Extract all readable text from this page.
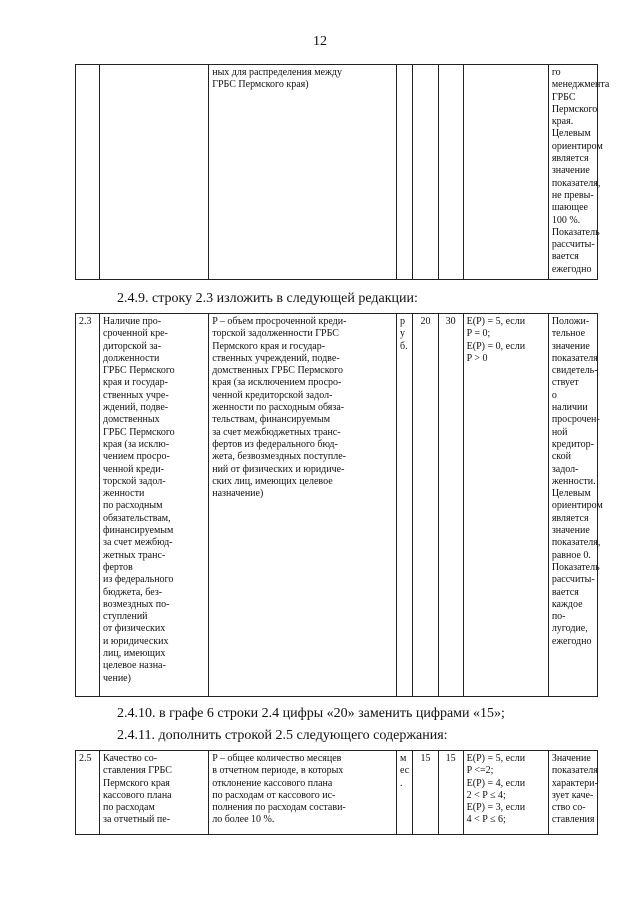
12
		ных для распределения между
ГРБС Пермского края)					го
менеджмента ГРБС
Пермского
края.
Целевым
ориентиром
является
значение
показателя,
не превы-
шающее
100 %.
Показатель
рассчиты-
вается
ежегодно
2.4.9. строку 2.3 изложить в следующей редакции:
2.3	Наличие про-
сроченной кре-
диторской за-
долженности
ГРБС Пермского
края и государ-
ственных учре-
ждений, подве-
домственных
ГРБС Пермского
края (за исклю-
чением просро-
ченной креди-
торской задол-
женности
по расходным
обязательствам,
финансируемым
за счет межбюд-
жетных транс-
фертов
из федерального
бюджета, без-
возмездных по-
ступлений
от физических
и юридических
лиц, имеющих
целевое назна-
чение)	P – объем просроченной креди-
торской задолженности ГРБС
Пермского края и государ-
ственных учреждений, подве-
домственных ГРБС Пермского
края (за исключением просро-
ченной кредиторской задол-
женности по расходным обяза-
тельствам, финансируемым
за счет межбюджетных транс-
фертов из федерального бюд-
жета, безвозмездных поступле-
ний от физических и юридиче-
ских лиц, имеющих целевое
назначение)	р
у
б.	20	30	E(P) = 5, если
P = 0;
E(P) = 0, если
P > 0	Положи-
тельное
значение
показателя
свидетель-
ствует
о наличии
просрочен-
ной
кредитор-
ской задол-
женности.
Целевым
ориентиром
является
значение
показателя,
равное 0.
Показатель
рассчиты-
вается
каждое по-
лугодие,
ежегодно
2.4.10. в графе 6 строки 2.4 цифры «20» заменить цифрами «15»;
2.4.11. дополнить строкой 2.5 следующего содержания:
2.5	Качество со-
ставления ГРБС
Пермского края
кассового плана
по расходам
за отчетный пе-	P – общее количество месяцев
в отчетном периоде, в которых
отклонение кассового плана
по расходам от кассового ис-
полнения по расходам состави-
ло более 10 %.	м
ес
.	15	15	E(P) = 5, если
P <=2;
E(P) = 4, если
2 < P ≤ 4;
E(P) = 3, если
4 < P ≤ 6;	Значение
показателя
характери-
зует каче-
ство со-
ставления
